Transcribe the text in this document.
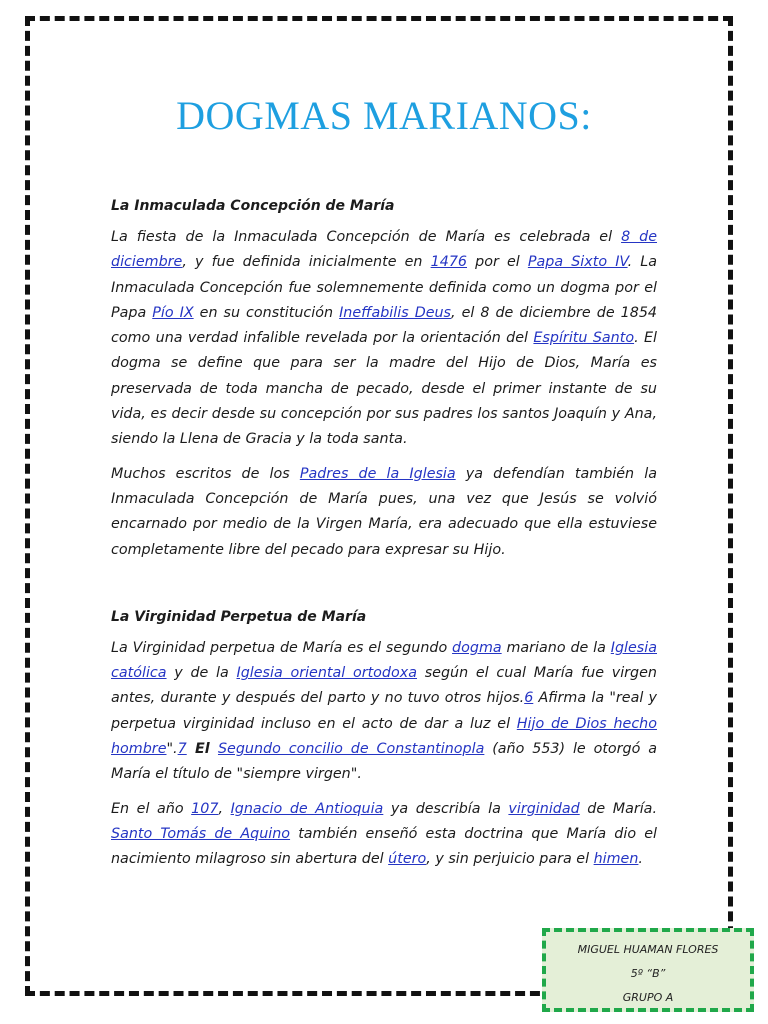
DOGMAS MARIANOS:
La Inmaculada Concepción de María

La fiesta de la Inmaculada Concepción de María es celebrada el 8 de diciembre, y fue definida inicialmente en 1476 por el Papa Sixto IV. La Inmaculada Concepción fue solemnemente definida como un dogma por el Papa Pío IX en su constitución Ineffabilis Deus, el 8 de diciembre de 1854 como una verdad infalible revelada por la orientación del Espíritu Santo. El dogma se define que para ser la madre del Hijo de Dios, María es preservada de toda mancha de pecado, desde el primer instante de su vida, es decir desde su concepción por sus padres los santos Joaquín y Ana, siendo la Llena de Gracia y la toda santa.

Muchos escritos de los Padres de la Iglesia ya defendían también la Inmaculada Concepción de María pues, una vez que Jesús se volvió encarnado por medio de la Virgen María, era adecuado que ella estuviese completamente libre del pecado para expresar su Hijo.

La Virginidad Perpetua de María

La Virginidad perpetua de María es el segundo dogma mariano de la Iglesia católica y de la Iglesia oriental ortodoxa según el cual María fue virgen antes, durante y después del parto y no tuvo otros hijos.6 Afirma la "real y perpetua virginidad incluso en el acto de dar a luz el Hijo de Dios hecho hombre".7 El Segundo concilio de Constantinopla (año 553) le otorgó a María el título de "siempre virgen".

En el año 107, Ignacio de Antioquia ya describía la virginidad de María. Santo Tomás de Aquino también enseñó esta doctrina que María dio el nacimiento milagroso sin abertura del útero, y sin perjuicio para el himen.

MIGUEL HUAMAN FLORES
5º “B”
GRUPO A
